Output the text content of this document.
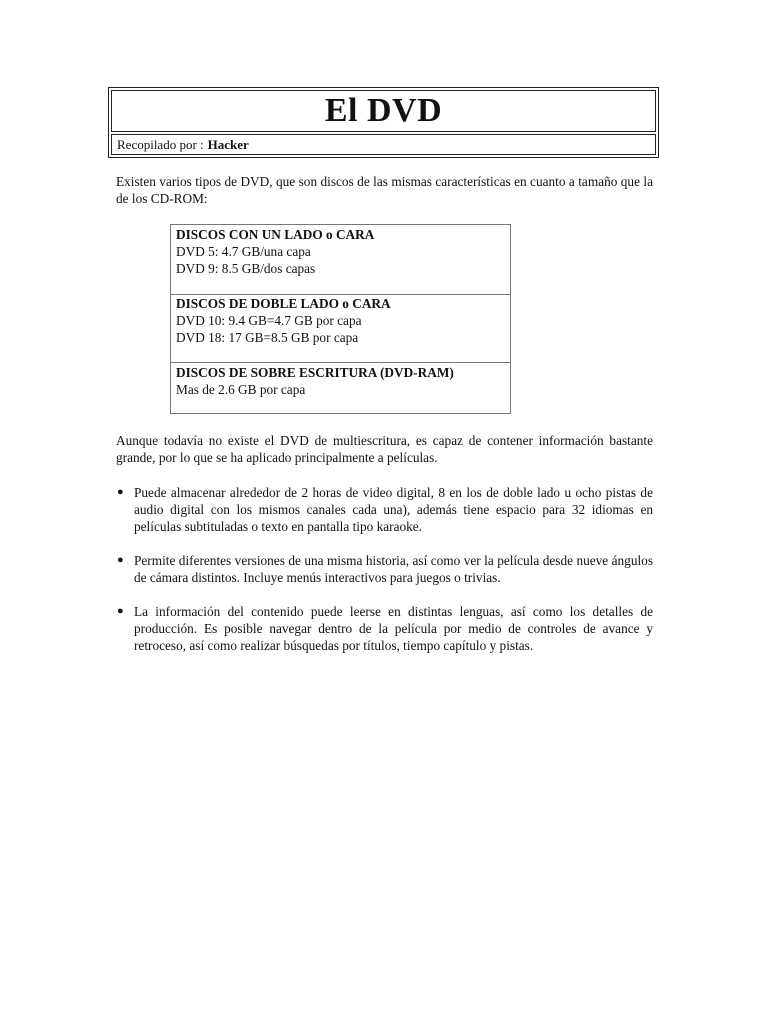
El DVD
Recopilado por : Hacker

Existen varios tipos de DVD, que son discos de las mismas características en cuanto a tamaño que la de los CD-ROM:

DISCOS CON UN LADO o CARA
DVD 5: 4.7 GB/una capa
DVD 9: 8.5 GB/dos capas
DISCOS DE DOBLE LADO o CARA
DVD 10: 9.4 GB=4.7 GB por capa
DVD 18: 17 GB=8.5 GB por capa
DISCOS DE SOBRE ESCRITURA (DVD-RAM)
Mas de 2.6 GB por capa

Aunque todavía no existe el DVD de multiescritura, es capaz de contener información bastante grande, por lo que se ha aplicado principalmente a películas.

● Puede almacenar alrededor de 2 horas de video digital, 8 en los de doble lado u ocho pistas de audio digital con los mismos canales cada una), además tiene espacio para 32 idiomas en películas subtituladas o texto en pantalla tipo karaoke.
● Permite diferentes versiones de una misma historia, así como ver la película desde nueve ángulos de cámara distintos. Incluye menús interactivos para juegos o trivias.
● La información del contenido puede leerse en distintas lenguas, así como los detalles de producción. Es posible navegar dentro de la película por medio de controles de avance y retroceso, así como realizar búsquedas por títulos, tiempo capítulo y pistas.
